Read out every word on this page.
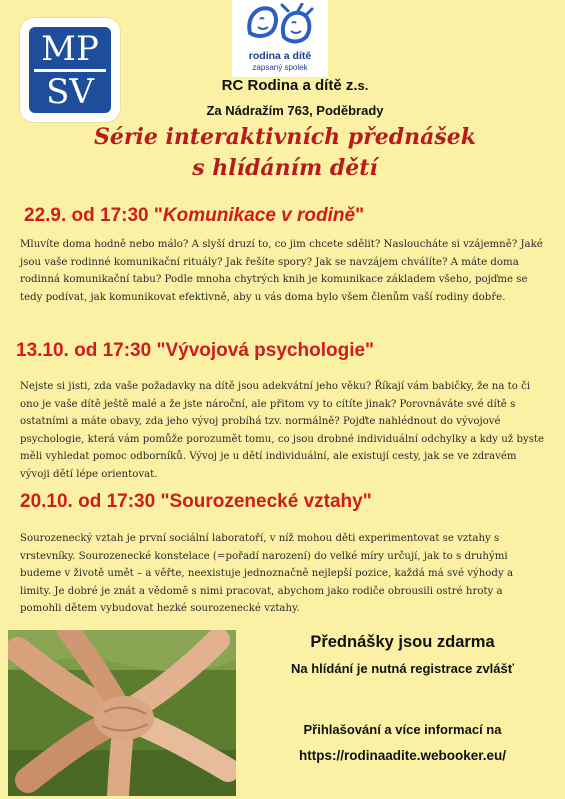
MP
SV
rodina a dítě
zapsaný spolek
RC Rodina a dítě z.s.
Za Nádražím 763, Poděbrady
Série interaktivních přednášek
s hlídáním dětí
22.9. od 17:30 "Komunikace v rodině"
Mluvíte doma hodně nebo málo? A slyší druzí to, co jim chcete sdělit? Nasloucháte si vzájemně? Jaké jsou vaše rodinné komunikační rituály? Jak řešíte spory? Jak se navzájem chválíte? A máte doma rodinná komunikační tabu? Podle mnoha chytrých knih je komunikace základem všeho, pojďme se tedy podívat, jak komunikovat efektivně, aby u vás doma bylo všem členům vaší rodiny dobře.
13.10. od 17:30 "Vývojová psychologie"
Nejste si jisti, zda vaše požadavky na dítě jsou adekvátní jeho věku? Říkají vám babičky, že na to či ono je vaše dítě ještě malé a že jste nároční, ale přitom vy to cítíte jinak? Porovnáváte své dítě s ostatními a máte obavy, zda jeho vývoj probíhá tzv. normálně? Pojďte nahlédnout do vývojové psychologie, která vám pomůže porozumět tomu, co jsou drobné individuální odchylky a kdy už byste měli vyhledat pomoc odborníků. Vývoj je u dětí individuální, ale existují cesty, jak se ve zdravém vývoji dětí lépe orientovat.
20.10. od 17:30 "Sourozenecké vztahy"
Sourozenecký vztah je první sociální laboratoří, v níž mohou děti experimentovat se vztahy s vrstevníky. Sourozenecké konstelace (=pořadí narození) do velké míry určují, jak to s druhými budeme v životě umět – a věřte, neexistuje jednoznačně nejlepší pozice, každá má své výhody a limity. Je dobré je znát a vědomě s nimi pracovat, abychom jako rodiče obrousili ostré hroty a pomohli dětem vybudovat hezké sourozenecké vztahy.
Přednášky jsou zdarma
Na hlídání je nutná registrace zvlášť
Přihlašování a více informací na
https://rodinaadite.webooker.eu/
